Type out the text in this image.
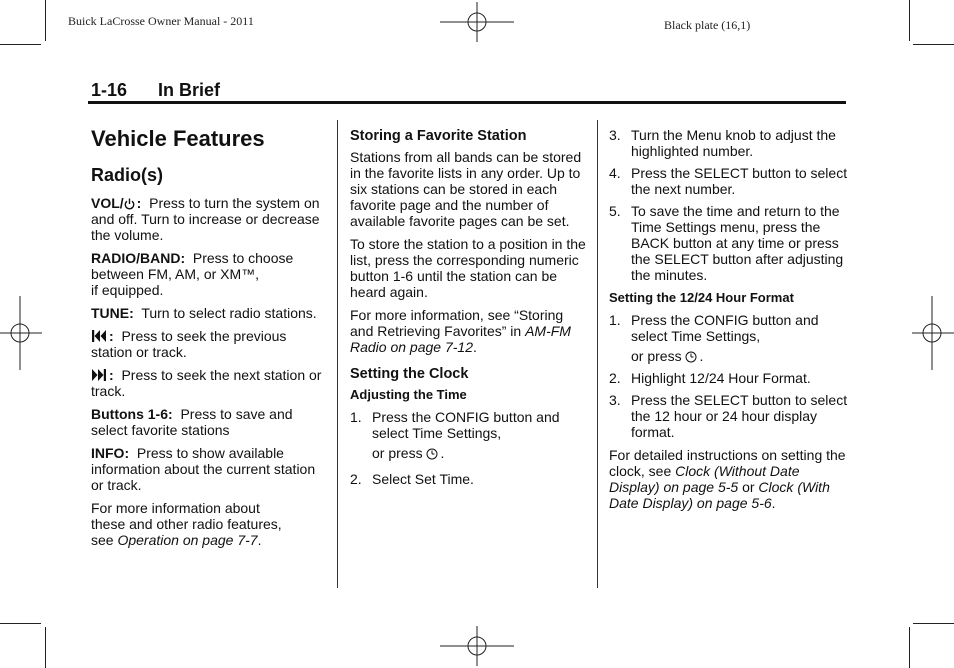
Buick LaCrosse Owner Manual - 2011	Black plate (16,1)
1-16 In Brief
Vehicle Features
Radio(s)

VOL/ : Press to turn the system on and off. Turn to increase or decrease the volume.

RADIO/BAND: Press to choose between FM, AM, or XM™,
if equipped.

TUNE: Turn to select radio stations.

: Press to seek the previous station or track.

: Press to seek the next station or track.

Buttons 1-6: Press to save and select favorite stations

INFO: Press to show available information about the current station or track.

For more information about
these and other radio features,
see Operation on page 7-7.

Storing a Favorite Station

Stations from all bands can be stored in the favorite lists in any order. Up to six stations can be stored in each favorite page and the number of available favorite pages can be set.

To store the station to a position in the list, press the corresponding numeric button 1-6 until the station can be heard again.

For more information, see “Storing and Retrieving Favorites” in AM-FM Radio on page 7-12.

Setting the Clock
Adjusting the Time
1. Press the CONFIG button and select Time Settings,
or press .
2. Select Set Time.
3. Turn the Menu knob to adjust the highlighted number.
4. Press the SELECT button to select the next number.
5. To save the time and return to the Time Settings menu, press the BACK button at any time or press the SELECT button after adjusting the minutes.
Setting the 12/24 Hour Format
1. Press the CONFIG button and select Time Settings,
or press .
2. Highlight 12/24 Hour Format.
3. Press the SELECT button to select the 12 hour or 24 hour display format.

For detailed instructions on setting the clock, see Clock (Without Date Display) on page 5-5 or Clock (With Date Display) on page 5-6.
